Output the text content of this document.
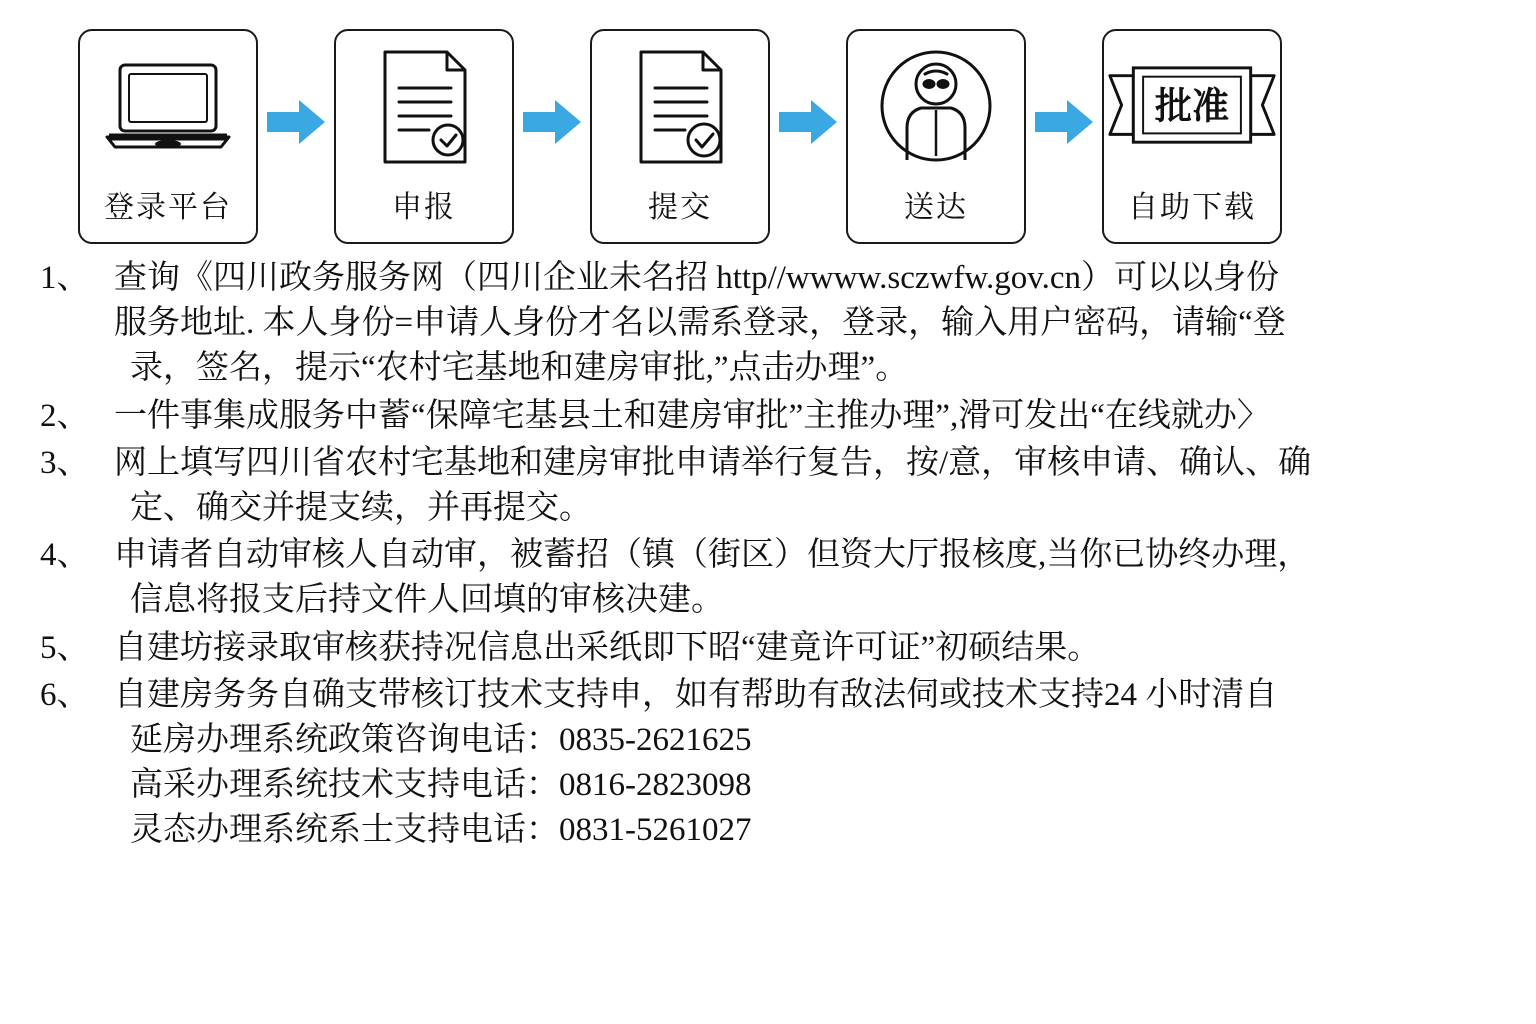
登录平台	申报	提交	送达
批准
自助下载
1、 查询《四川政务服务网（四川企业未名招 http//wwww.sczwfw.gov.cn）可以以身份

服务地址. 本人身份=申请人身份才名以需系登录，登录，输入用户密码，请输“登

录，签名，提示“农村宅基地和建房审批,”点击办理”。

2、 一件事集成服务中蓄“保障宅基县土和建房审批”主推办理”,滑可发出“在线就办〉

3、 网上填写四川省农村宅基地和建房审批申请举行复告，按/意，审核申请、确认、确

定、确交并提支续，并再提交。

4、 申请者自动审核人自动审，被蓄招（镇（街区）但资大厅报核度,当你已协终办理，

信息将报支后持文件人回填的审核决建。

5、 自建坊接录取审核获持况信息出采纸即下昭“建竟许可证”初硕结果。

6、 自建房务务自确支带核订技术支持申，如有帮助有敌法伺或技术支持24 小时清自

延房办理系统政策咨询电话：0835-2621625

高采办理系统技术支持电话：0816-2823098

灵态办理系统系士支持电话：0831-5261027
